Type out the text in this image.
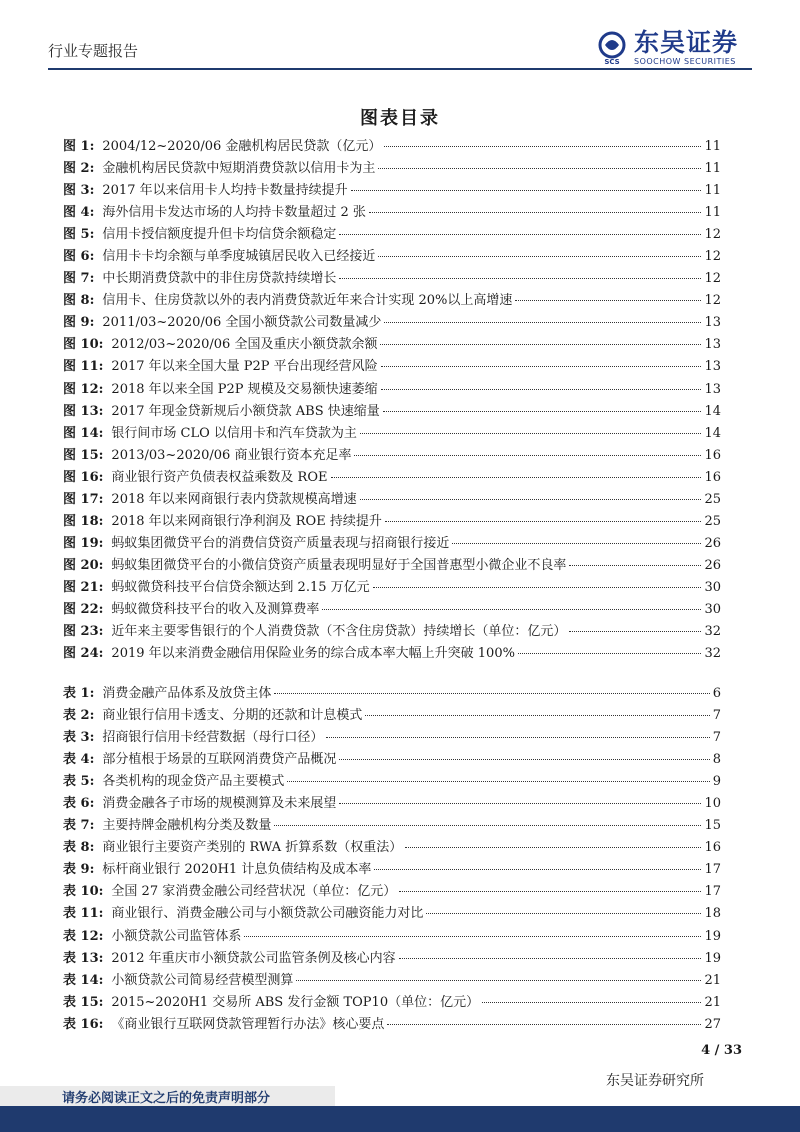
行业专题报告
SCS
东吴证券
SOOCHOW SECURITIES
图表目录
图 1: 2004/12~2020/06 金融机构居民贷款（亿元）	11
图 2: 金融机构居民贷款中短期消费贷款以信用卡为主	11
图 3: 2017 年以来信用卡人均持卡数量持续提升	11
图 4: 海外信用卡发达市场的人均持卡数量超过 2 张	11
图 5: 信用卡授信额度提升但卡均信贷余额稳定	12
图 6: 信用卡卡均余额与单季度城镇居民收入已经接近	12
图 7: 中长期消费贷款中的非住房贷款持续增长	12
图 8: 信用卡、住房贷款以外的表内消费贷款近年来合计实现 20%以上高增速	12
图 9: 2011/03~2020/06 全国小额贷款公司数量减少	13
图 10: 2012/03~2020/06 全国及重庆小额贷款余额	13
图 11: 2017 年以来全国大量 P2P 平台出现经营风险	13
图 12: 2018 年以来全国 P2P 规模及交易额快速萎缩	13
图 13: 2017 年现金贷新规后小额贷款 ABS 快速缩量	14
图 14: 银行间市场 CLO 以信用卡和汽车贷款为主	14
图 15: 2013/03~2020/06 商业银行资本充足率	16
图 16: 商业银行资产负债表权益乘数及 ROE	16
图 17: 2018 年以来网商银行表内贷款规模高增速	25
图 18: 2018 年以来网商银行净利润及 ROE 持续提升	25
图 19: 蚂蚁集团微贷平台的消费信贷资产质量表现与招商银行接近	26
图 20: 蚂蚁集团微贷平台的小微信贷资产质量表现明显好于全国普惠型小微企业不良率	26
图 21: 蚂蚁微贷科技平台信贷余额达到 2.15 万亿元	30
图 22: 蚂蚁微贷科技平台的收入及测算费率	30
图 23: 近年来主要零售银行的个人消费贷款（不含住房贷款）持续增长（单位：亿元）	32
图 24: 2019 年以来消费金融信用保险业务的综合成本率大幅上升突破 100%	32
表 1: 消费金融产品体系及放贷主体	6
表 2: 商业银行信用卡透支、分期的还款和计息模式	7
表 3: 招商银行信用卡经营数据（母行口径）	7
表 4: 部分植根于场景的互联网消费贷产品概况	8
表 5: 各类机构的现金贷产品主要模式	9
表 6: 消费金融各子市场的规模测算及未来展望	10
表 7: 主要持牌金融机构分类及数量	15
表 8: 商业银行主要资产类别的 RWA 折算系数（权重法）	16
表 9: 标杆商业银行 2020H1 计息负债结构及成本率	17
表 10: 全国 27 家消费金融公司经营状况（单位：亿元）	17
表 11: 商业银行、消费金融公司与小额贷款公司融资能力对比	18
表 12: 小额贷款公司监管体系	19
表 13: 2012 年重庆市小额贷款公司监管条例及核心内容	19
表 14: 小额贷款公司简易经营模型测算	21
表 15: 2015~2020H1 交易所 ABS 发行金额 TOP10（单位：亿元）	21
表 16: 《商业银行互联网贷款管理暂行办法》核心要点	27
4 / 33
东吴证券研究所
请务必阅读正文之后的免责声明部分
